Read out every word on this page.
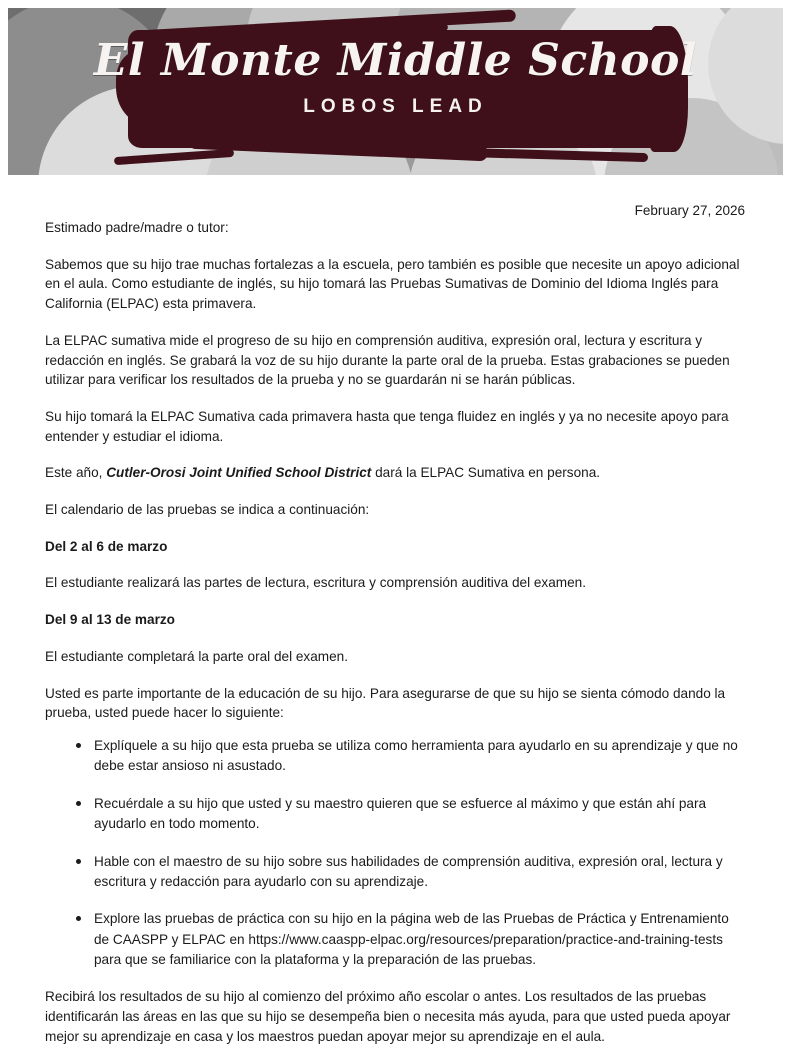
El Monte Middle School
LOBOS LEAD
February 27, 2026

Estimado padre/madre o tutor:

Sabemos que su hijo trae muchas fortalezas a la escuela, pero también es posible que necesite un apoyo adicional en el aula. Como estudiante de inglés, su hijo tomará las Pruebas Sumativas de Dominio del Idioma Inglés para California (ELPAC) esta primavera.

La ELPAC sumativa mide el progreso de su hijo en comprensión auditiva, expresión oral, lectura y escritura y redacción en inglés. Se grabará la voz de su hijo durante la parte oral de la prueba. Estas grabaciones se pueden utilizar para verificar los resultados de la prueba y no se guardarán ni se harán públicas.

Su hijo tomará la ELPAC Sumativa cada primavera hasta que tenga fluidez en inglés y ya no necesite apoyo para entender y estudiar el idioma.

Este año, Cutler-Orosi Joint Unified School District dará la ELPAC Sumativa en persona.

El calendario de las pruebas se indica a continuación:

Del 2 al 6 de marzo

El estudiante realizará las partes de lectura, escritura y comprensión auditiva del examen.

Del 9 al 13 de marzo

El estudiante completará la parte oral del examen.

Usted es parte importante de la educación de su hijo. Para asegurarse de que su hijo se sienta cómodo dando la prueba, usted puede hacer lo siguiente:

Explíquele a su hijo que esta prueba se utiliza como herramienta para ayudarlo en su aprendizaje y que no debe estar ansioso ni asustado.
Recuérdale a su hijo que usted y su maestro quieren que se esfuerce al máximo y que están ahí para ayudarlo en todo momento.
Hable con el maestro de su hijo sobre sus habilidades de comprensión auditiva, expresión oral, lectura y escritura y redacción para ayudarlo con su aprendizaje.
Explore las pruebas de práctica con su hijo en la página web de las Pruebas de Práctica y Entrenamiento de CAASPP y ELPAC en https://www.caaspp-elpac.org/resources/preparation/practice-and-training-tests para que se familiarice con la plataforma y la preparación de las pruebas.

Recibirá los resultados de su hijo al comienzo del próximo año escolar o antes. Los resultados de las pruebas identificarán las áreas en las que su hijo se desempeña bien o necesita más ayuda, para que usted pueda apoyar mejor su aprendizaje en casa y los maestros puedan apoyar mejor su aprendizaje en el aula.
